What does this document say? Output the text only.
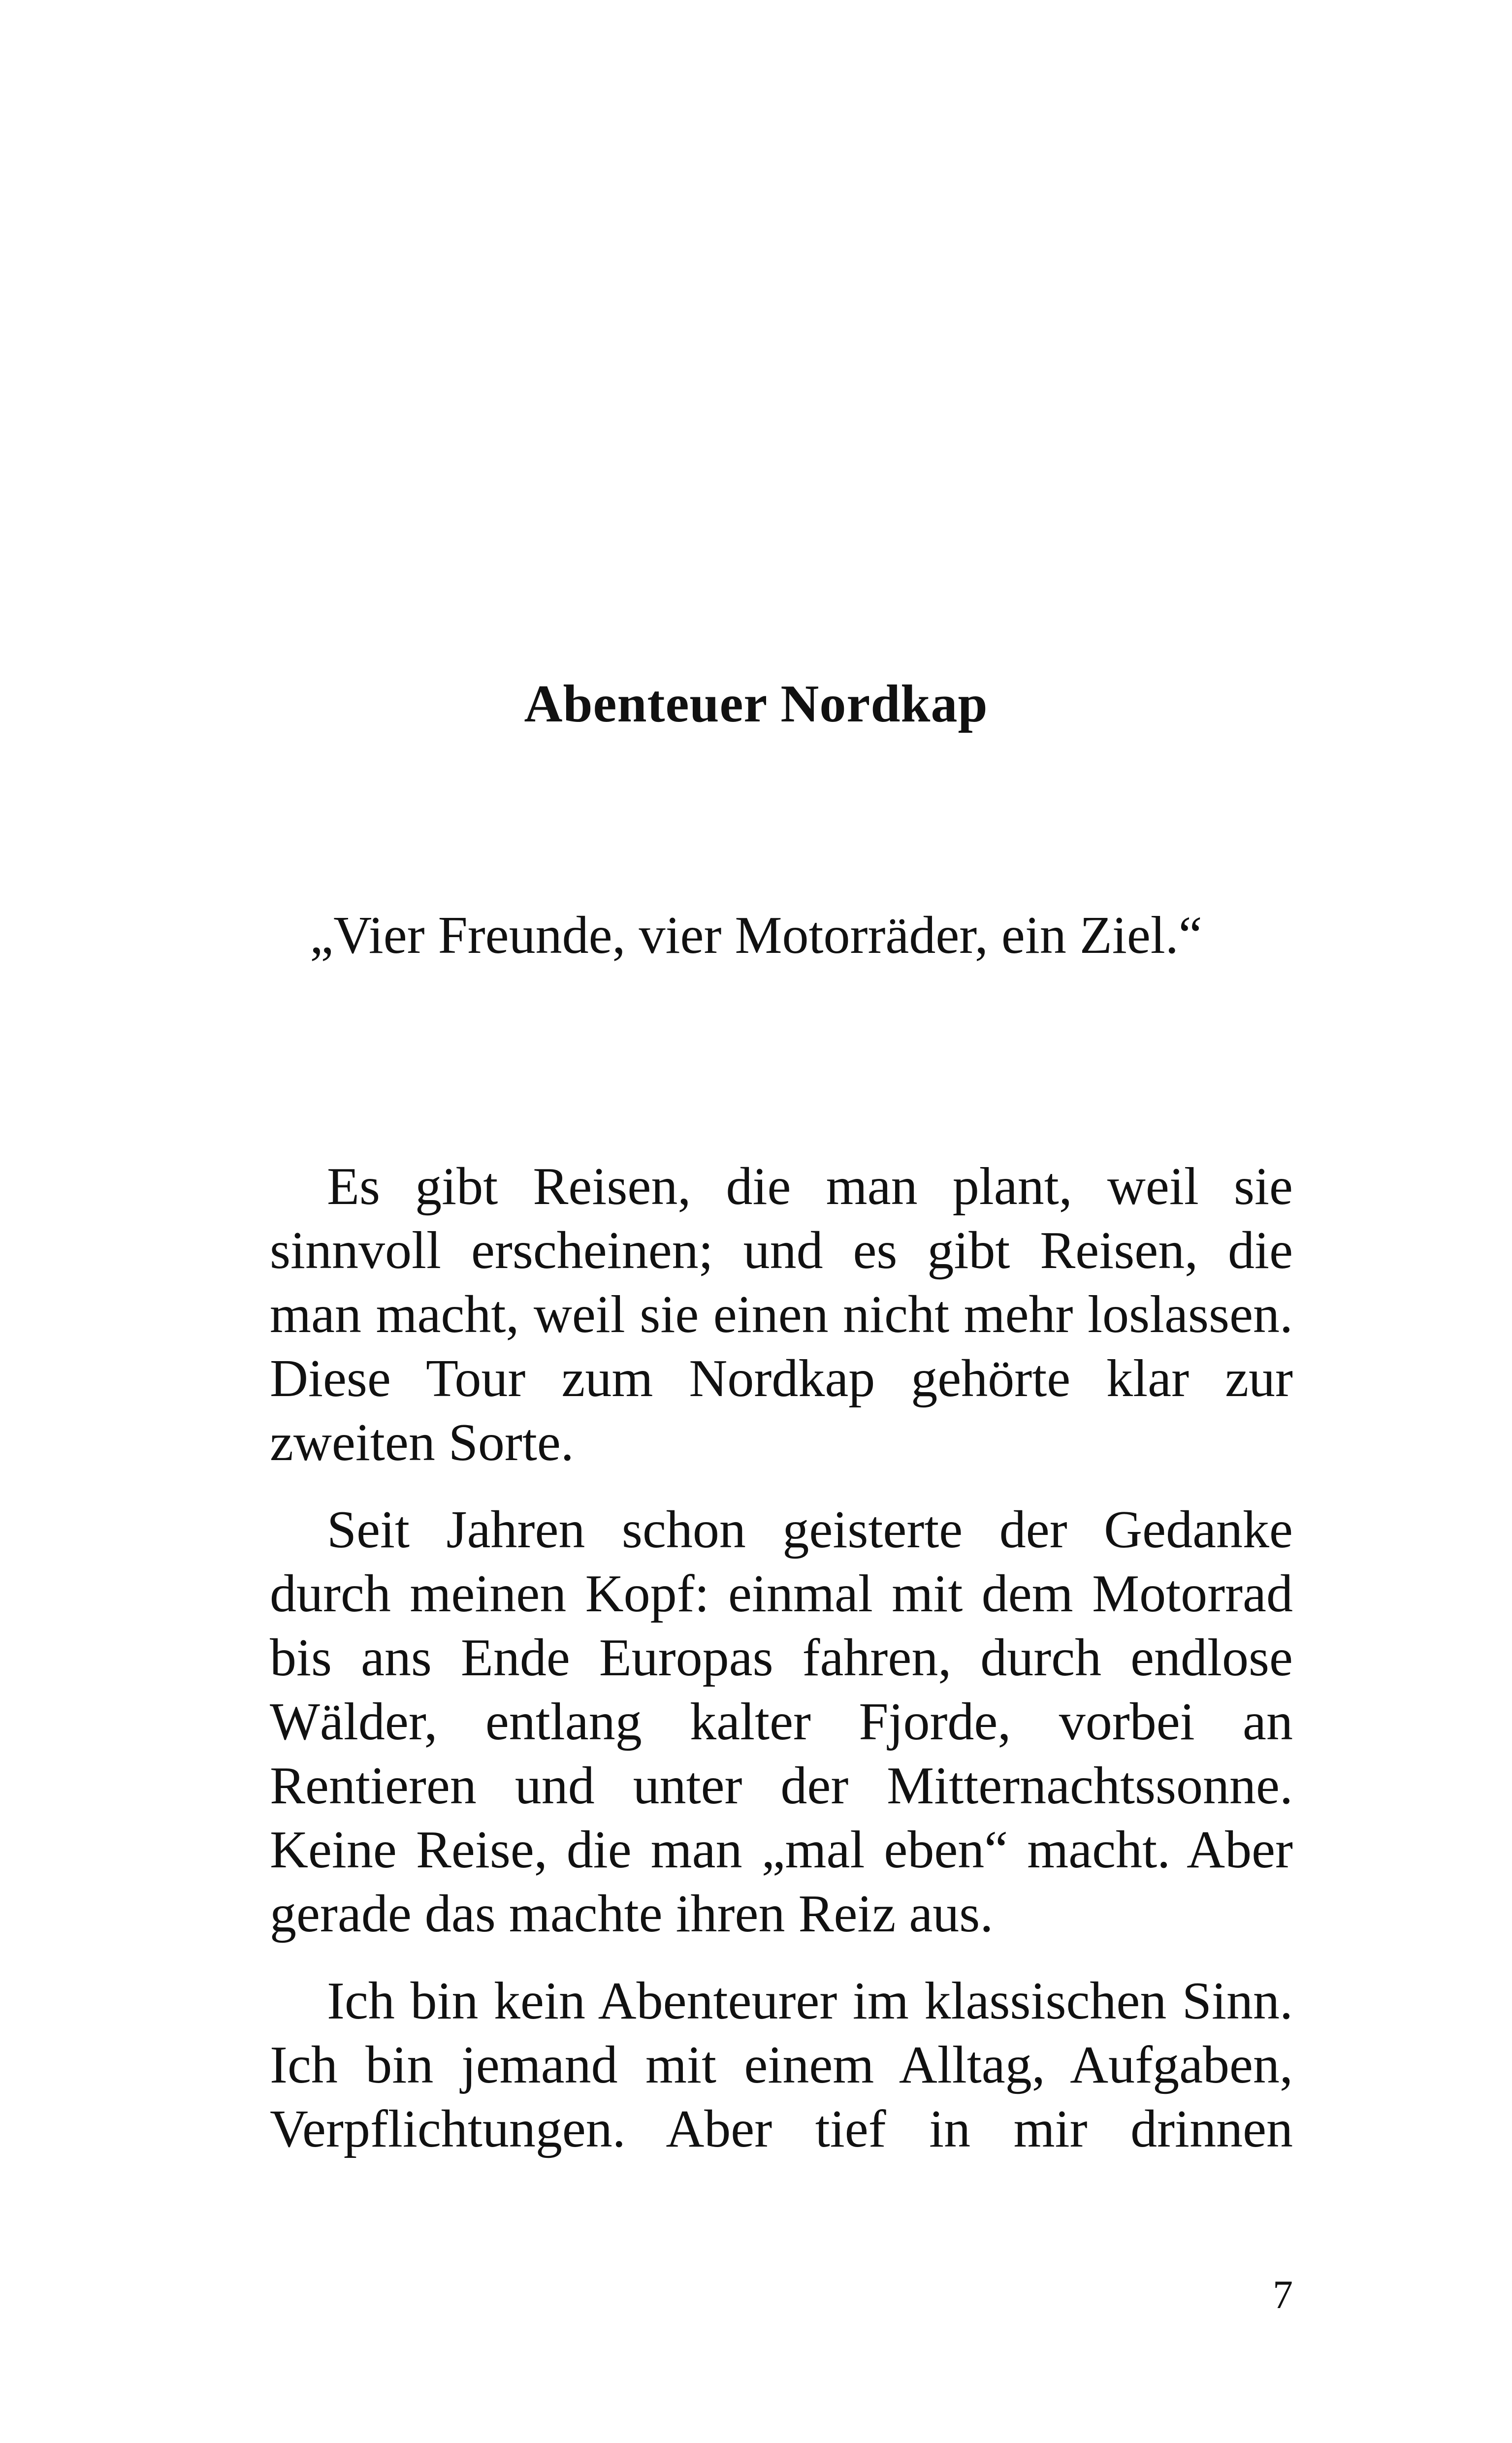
Abenteuer Nordkap

„Vier Freunde, vier Motorräder, ein Ziel.“

Es gibt Reisen, die man plant, weil sie sinnvoll erscheinen; und es gibt Reisen, die man macht, weil sie einen nicht mehr loslassen. Diese Tour zum Nordkap gehörte klar zur zweiten Sorte.

Seit Jahren schon geisterte der Gedanke durch meinen Kopf: einmal mit dem Motorrad bis ans Ende Europas fahren, durch endlose Wälder, entlang kalter Fjorde, vorbei an Rentieren und unter der Mitternachtssonne. Keine Reise, die man „mal eben“ macht. Aber gerade das machte ihren Reiz aus.

Ich bin kein Abenteurer im klassischen Sinn. Ich bin jemand mit einem Alltag, Aufgaben, Verpflichtungen. Aber tief in mir drinnen

7
